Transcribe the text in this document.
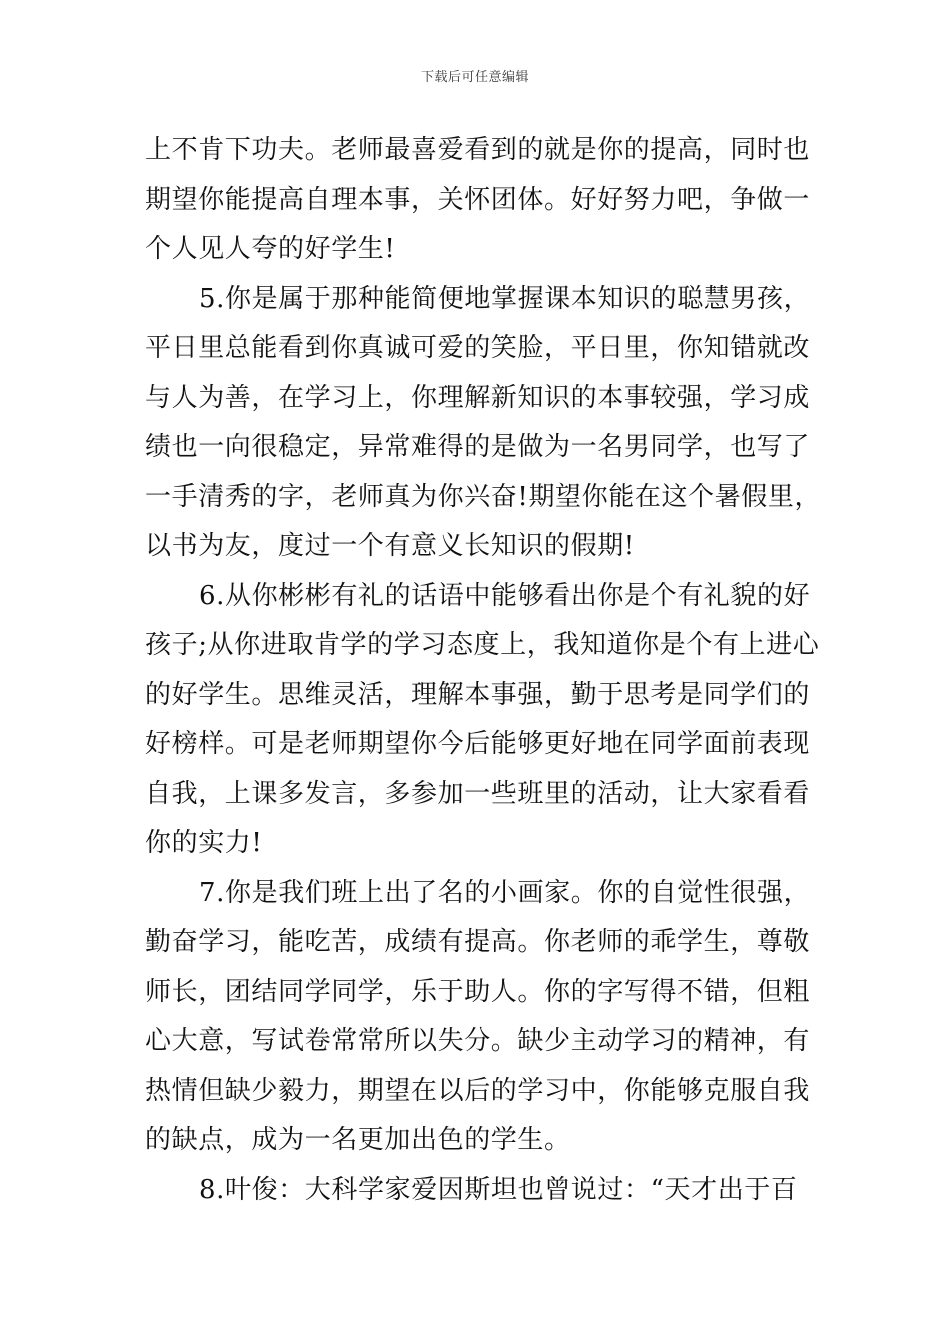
下载后可任意编辑
上不肯下功夫。老师最喜爱看到的就是你的提高，同时也
期望你能提高自理本事，关怀团体。好好努力吧，争做一
个人见人夸的好学生!
5.你是属于那种能简便地掌握课本知识的聪慧男孩，
平日里总能看到你真诚可爱的笑脸，平日里，你知错就改
与人为善，在学习上，你理解新知识的本事较强，学习成
绩也一向很稳定，异常难得的是做为一名男同学，也写了
一手清秀的字，老师真为你兴奋!期望你能在这个暑假里，
以书为友，度过一个有意义长知识的假期!
6.从你彬彬有礼的话语中能够看出你是个有礼貌的好
孩子;从你进取肯学的学习态度上，我知道你是个有上进心
的好学生。思维灵活，理解本事强，勤于思考是同学们的
好榜样。可是老师期望你今后能够更好地在同学面前表现
自我，上课多发言，多参加一些班里的活动，让大家看看
你的实力!
7.你是我们班上出了名的小画家。你的自觉性很强，
勤奋学习，能吃苦，成绩有提高。你老师的乖学生，尊敬
师长，团结同学同学，乐于助人。你的字写得不错，但粗
心大意，写试卷常常所以失分。缺少主动学习的精神，有
热情但缺少毅力，期望在以后的学习中，你能够克服自我
的缺点，成为一名更加出色的学生。
8.叶俊：大科学家爱因斯坦也曾说过：“天才出于百
